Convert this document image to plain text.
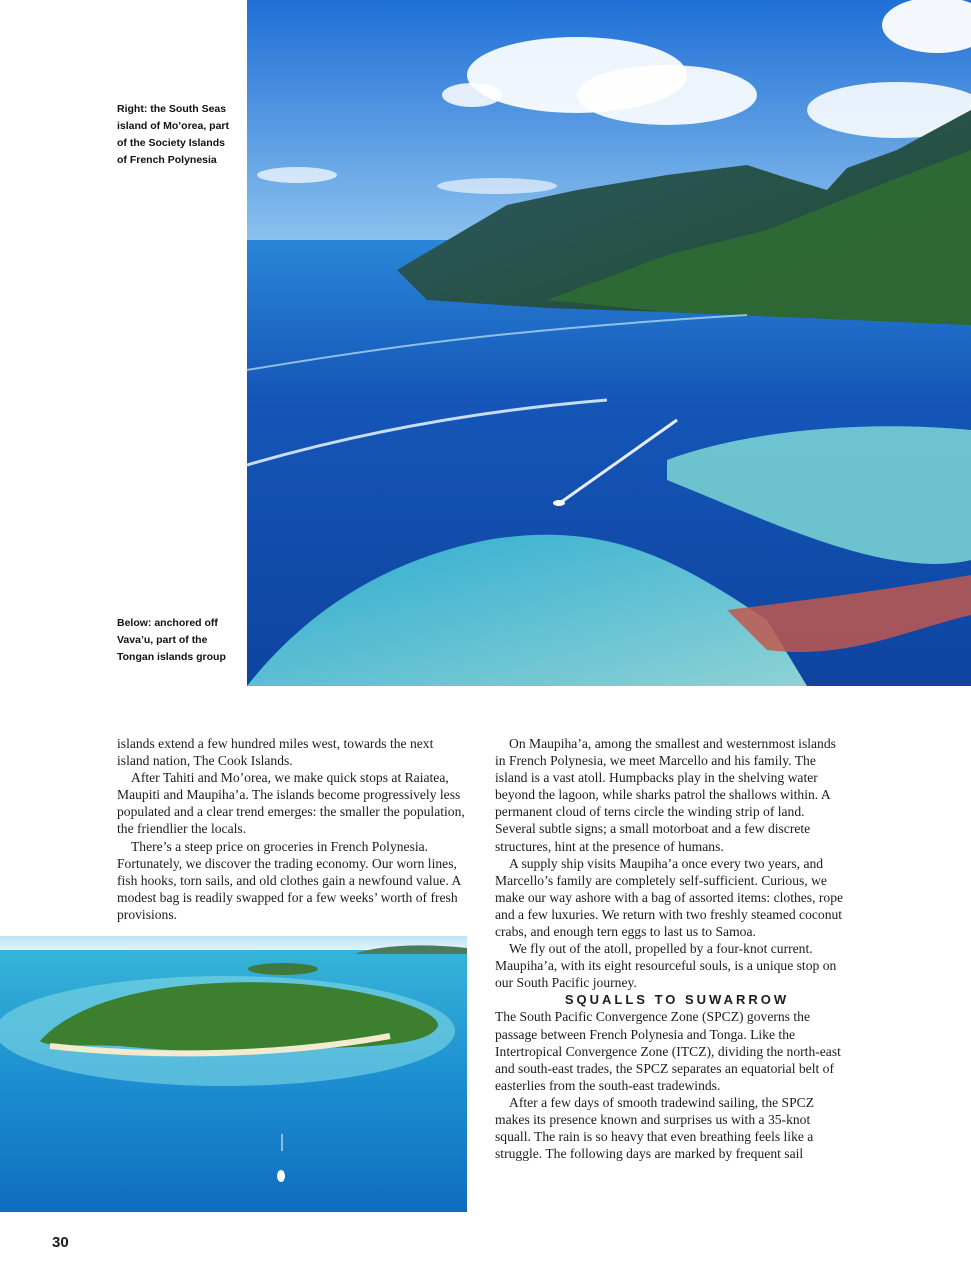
Right: the South Seas island of Mo’orea, part of the Society Islands of French Polynesia
Below: anchored off Vava’u, part of the Tongan islands group

islands extend a few hundred miles west, towards the next island nation, The Cook Islands.

After Tahiti and Mo’orea, we make quick stops at Raiatea, Maupiti and Maupiha’a. The islands become progressively less populated and a clear trend emerges: the smaller the population, the friendlier the locals.

There’s a steep price on groceries in French Polynesia. Fortunately, we discover the trading economy. Our worn lines, fish hooks, torn sails, and old clothes gain a newfound value. A modest bag is readily swapped for a few weeks’ worth of fresh provisions.

On Maupiha’a, among the smallest and westernmost islands in French Polynesia, we meet Marcello and his family. The island is a vast atoll. Humpbacks play in the shelving water beyond the lagoon, while sharks patrol the shallows within. A permanent cloud of terns circle the winding strip of land. Several subtle signs; a small motorboat and a few discrete structures, hint at the presence of humans.

A supply ship visits Maupiha’a once every two years, and Marcello’s family are completely self-sufficient. Curious, we make our way ashore with a bag of assorted items: clothes, rope and a few luxuries. We return with two freshly steamed coconut crabs, and enough tern eggs to last us to Samoa.

We fly out of the atoll, propelled by a four-knot current. Maupiha’a, with its eight resourceful souls, is a unique stop on our South Pacific journey.

SQUALLS TO SUWARROW

The South Pacific Convergence Zone (SPCZ) governs the passage between French Polynesia and Tonga. Like the Intertropical Convergence Zone (ITCZ), dividing the north-east and south-east trades, the SPCZ separates an equatorial belt of easterlies from the south-east tradewinds.

After a few days of smooth tradewind sailing, the SPCZ makes its presence known and surprises us with a 35-knot squall. The rain is so heavy that even breathing feels like a struggle. The following days are marked by frequent sail

30
